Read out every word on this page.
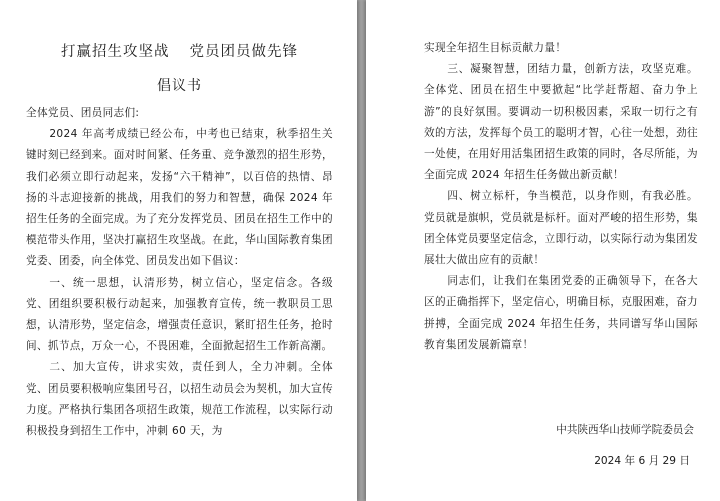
打赢招生攻坚战 党员团员做先锋
倡议书

全体党员、团员同志们:

2024 年高考成绩已经公布，中考也已结束，秋季招生关键时刻已经到来。面对时间紧、任务重、竞争激烈的招生形势，我们必须立即行动起来，发扬“六干精神”，以百倍的热情、昂扬的斗志迎接新的挑战，用我们的努力和智慧，确保 2024 年招生任务的全面完成。为了充分发挥党员、团员在招生工作中的模范带头作用，坚决打赢招生攻坚战。在此，华山国际教育集团党委、团委，向全体党、团员发出如下倡议：

一、统一思想，认清形势，树立信心，坚定信念。各级党、团组织要积极行动起来，加强教育宣传，统一教职员工思想，认清形势，坚定信念，增强责任意识，紧盯招生任务，抢时间、抓节点，万众一心，不畏困难，全面掀起招生工作新高潮。

二、加大宣传，讲求实效，责任到人，全力冲刺。全体党、团员要积极响应集团号召，以招生动员会为契机，加大宣传力度。严格执行集团各项招生政策，规范工作流程，以实际行动积极投身到招生工作中，冲刺 60 天，为

实现全年招生目标贡献力量！

三、凝聚智慧，团结力量，创新方法，攻坚克难。全体党、团员在招生中要掀起“比学赶帮超、奋力争上游”的良好氛围。要调动一切积极因素，采取一切行之有效的方法，发挥每个员工的聪明才智，心往一处想，劲往一处使，在用好用活集团招生政策的同时，各尽所能，为全面完成 2024 年招生任务做出新贡献！

四、树立标杆，争当模范，以身作则，有我必胜。党员就是旗帜，党员就是标杆。面对严峻的招生形势，集团全体党员要坚定信念，立即行动，以实际行动为集团发展壮大做出应有的贡献！

同志们，让我们在集团党委的正确领导下，在各大区的正确指挥下，坚定信心，明确目标，克服困难，奋力拼搏，全面完成 2024 年招生任务，共同谱写华山国际教育集团发展新篇章！

中共陕西华山技师学院委员会

2024 年 6 月 29 日
